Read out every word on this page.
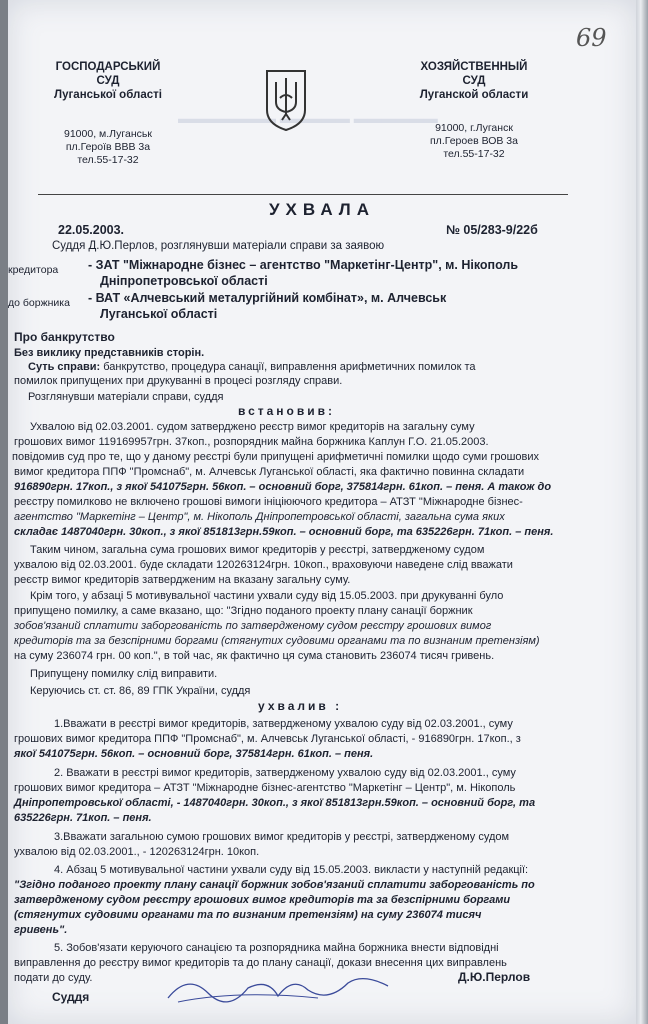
▬▬▬▬▬▬▬ ▬▬▬▬▬ ▬▬▬▬▬▬
69
ГОСПОДАРСЬКИЙ
СУД
Луганської області
91000, м.Луганськ
пл.Героїв ВВВ 3а
тел.55-17-32
ХОЗЯЙСТВЕННЫЙ
СУД
Луганской области
91000, г.Луганск
пл.Героев ВОВ 3а
тел.55-17-32
УХВАЛА
22.05.2003.	№ 05/283-9/22б
Суддя Д.Ю.Перлов, розглянувши матеріали справи за заявою
кредитора - ЗАТ "Міжнародне бізнес – агентство "Маркетінг-Центр", м. Нікополь
Дніпропетровської області
до боржника - ВАТ «Алчевський металургійний комбінат», м. Алчевськ
Луганської області
Про банкрутство
Без виклику представників сторін.
Суть справи: банкрутство, процедура санації, виправлення арифметичних помилок та
помилок припущених при друкуванні в процесі розгляду справи.
Розглянувши матеріали справи, суддя
встановив:
Ухвалою від 02.03.2001. судом затверджено реєстр вимог кредиторів на загальну суму
грошових вимог 119169957грн. 37коп., розпорядник майна боржника Каплун Г.О. 21.05.2003.
повідомив суд про те, що у даному реєстрі були припущені арифметичні помилки щодо суми грошових
вимог кредитора ППФ "Промснаб", м. Алчевськ Луганської області, яка фактично повинна складати
916890грн. 17коп., з якої 541075грн. 56коп. – основний борг, 375814грн. 61коп. – пеня. А також до
реєстру помилково не включено грошові вимоги ініціюючого кредитора – АТЗТ "Міжнародне бізнес-
агентство "Маркетінг – Центр", м. Нікополь Дніпропетровської області, загальна сума яких
складає 1487040грн. 30коп., з якої 851813грн.59коп. – основний борг, та 635226грн. 71коп. – пеня.
Таким чином, загальна сума грошових вимог кредиторів у реєстрі, затвердженому судом
ухвалою від 02.03.2001. буде складати 120263124грн. 10коп., враховуючи наведене слід вважати
реєстр вимог кредиторів затвердженим на вказану загальну суму.
Крім того, у абзаці 5 мотивувальної частини ухвали суду від 15.05.2003. при друкуванні було
припущено помилку, а саме вказано, що: "Згідно поданого проекту плану санації боржник
зобов'язаний сплатити заборгованість по затвердженому судом реєстру грошових вимог
кредиторів та за безспірними боргами (стягнутих судовими органами та по визнаним претензіям)
на суму 236074 грн. 00 коп.", в той час, як фактично ця сума становить 236074 тисяч гривень.
Припущену помилку слід виправити.
Керуючись ст. ст. 86, 89 ГПК України, суддя
ухвалив :
1.Вважати в реєстрі вимог кредиторів, затвердженому ухвалою суду від 02.03.2001., суму
грошових вимог кредитора ППФ "Промснаб", м. Алчевськ Луганської області, - 916890грн. 17коп., з
якої 541075грн. 56коп. – основний борг, 375814грн. 61коп. – пеня.
2. Вважати в реєстрі вимог кредиторів, затвердженому ухвалою суду від 02.03.2001., суму
грошових вимог кредитора – АТЗТ "Міжнародне бізнес-агентство "Маркетінг – Центр", м. Нікополь
Дніпропетровської області, - 1487040грн. 30коп., з якої 851813грн.59коп. – основний борг, та
635226грн. 71коп. – пеня.
3.Вважати загальною сумою грошових вимог кредиторів у реєстрі, затвердженому судом
ухвалою від 02.03.2001., - 120263124грн. 10коп.
4. Абзац 5 мотивувальної частини ухвали суду від 15.05.2003. викласти у наступній редакції:
"Згідно поданого проекту плану санації боржник зобов'язаний сплатити заборгованість по
затвердженому судом реєстру грошових вимог кредиторів та за безспірними боргами
(стягнутих судовими органами та по визнаним претензіям) на суму 236074 тисяч
гривень".
5. Зобов'язати керуючого санацією та розпорядника майна боржника внести відповідні
виправлення до реєстру вимог кредиторів та до плану санації, докази внесення цих виправлень
подати до суду.
Суддя
Д.Ю.Перлов
